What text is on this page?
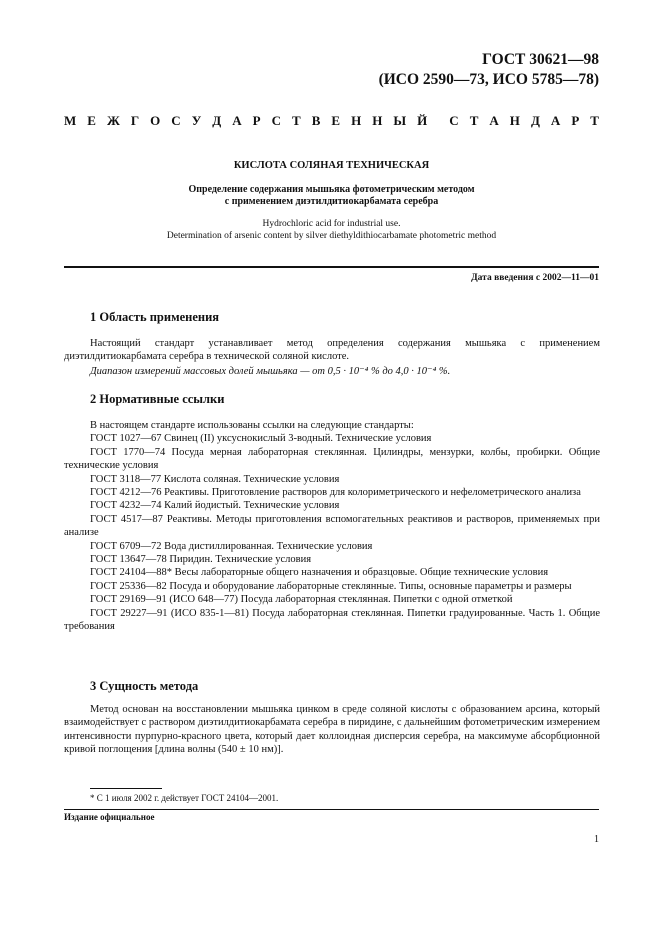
ГОСТ 30621—98
(ИСО 2590—73, ИСО 5785—78)
М Е Ж Г О С У Д А Р С Т В Е Н Н Ы Й С Т А Н Д А Р Т
КИСЛОТА СОЛЯНАЯ ТЕХНИЧЕСКАЯ
Определение содержания мышьяка фотометрическим методом
с применением диэтилдитиокарбамата серебра
Hydrochloric acid for industrial use.
Determination of arsenic content by silver diethyldithiocarbamate photometric method
Дата введения с 2002—11—01
1 Область применения
Настоящий стандарт устанавливает метод определения содержания мышьяка с применением диэтилдитиокарбамата серебра в технической соляной кислоте.
Диапазон измерений массовых долей мышьяка — от 0,5 · 10⁻⁴ % до 4,0 · 10⁻⁴ %.
2 Нормативные ссылки
В настоящем стандарте использованы ссылки на следующие стандарты:
ГОСТ 1027—67 Свинец (II) уксуснокислый 3-водный. Технические условия
ГОСТ 1770—74 Посуда мерная лабораторная стеклянная. Цилиндры, мензурки, колбы, пробирки. Общие технические условия
ГОСТ 3118—77 Кислота соляная. Технические условия
ГОСТ 4212—76 Реактивы. Приготовление растворов для колориметрического и нефелометрического анализа
ГОСТ 4232—74 Калий йодистый. Технические условия
ГОСТ 4517—87 Реактивы. Методы приготовления вспомогательных реактивов и растворов, применяемых при анализе
ГОСТ 6709—72 Вода дистиллированная. Технические условия
ГОСТ 13647—78 Пиридин. Технические условия
ГОСТ 24104—88* Весы лабораторные общего назначения и образцовые. Общие технические условия
ГОСТ 25336—82 Посуда и оборудование лабораторные стеклянные. Типы, основные параметры и размеры
ГОСТ 29169—91 (ИСО 648—77) Посуда лабораторная стеклянная. Пипетки с одной отметкой
ГОСТ 29227—91 (ИСО 835-1—81) Посуда лабораторная стеклянная. Пипетки градуированные. Часть 1. Общие требования
3 Сущность метода
Метод основан на восстановлении мышьяка цинком в среде соляной кислоты с образованием арсина, который взаимодействует с раствором диэтилдитиокарбамата серебра в пиридине, с дальнейшим фотометрическим измерением интенсивности пурпурно-красного цвета, который дает коллоидная дисперсия серебра, на максимуме абсорбционной кривой поглощения [длина волны (540 ± 10 нм)].
* С 1 июля 2002 г. действует ГОСТ 24104—2001.
Издание официальное
1
